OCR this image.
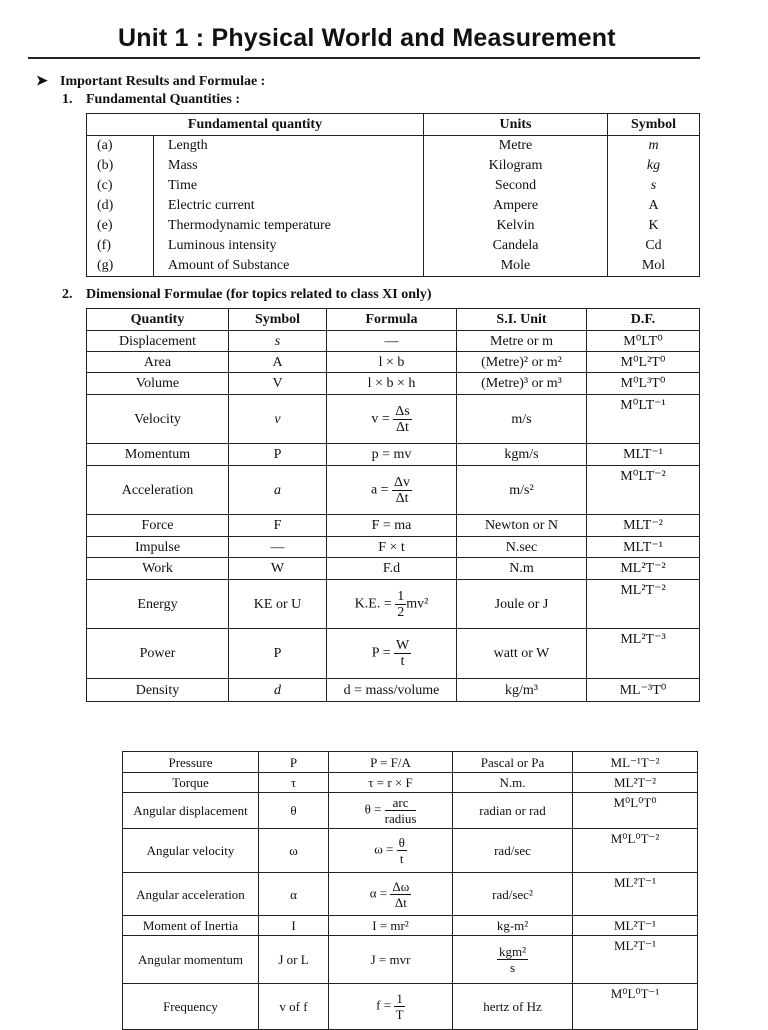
Unit 1 : Physical World and Measurement
➤ Important Results and Formulae :
1. Fundamental Quantities :
Fundamental quantity		Units	Symbol
(a)	Length	Metre	m
(b)	Mass	Kilogram	kg
(c)	Time	Second	s
(d)	Electric current	Ampere	A
(e)	Thermodynamic temperature	Kelvin	K
(f)	Luminous intensity	Candela	Cd
(g)	Amount of Substance	Mole	Mol
2. Dimensional Formulae (for topics related to class XI only)
Quantity	Symbol	Formula	S.I. Unit	D.F.
Displacement	s	—	Metre or m	M⁰LT⁰
Area	A	l × b	(Metre)² or m²	M⁰L²T⁰
Volume	V	l × b × h	(Metre)³ or m³	M⁰L³T⁰
Velocity	v	$v = \frac{\Delta s}{\Delta t}$	m/s	M⁰LT⁻¹
Momentum	P	p = mv	kgm/s	MLT⁻¹
Acceleration	a	$a = \frac{\Delta v}{\Delta t}$	m/s²	M⁰LT⁻²
Force	F	F = ma	Newton or N	MLT⁻²
Impulse	—	F × t	N.sec	MLT⁻¹
Work	W	F.d	N.m	ML²T⁻²
Energy	KE or U	K.E. = $\frac{1}{2} mv^2$	Joule or J	ML²T⁻²
Power	P	$P = \frac{W}{t}$	watt or W	ML²T⁻³
Density	d	d = mass/volume	kg/m³	ML⁻³T⁰
Pressure	P	P = F/A	Pascal or Pa	ML⁻¹T⁻²
Torque	τ	τ = r × F	N.m.	ML²T⁻²
Angular displacement	θ	$\theta = \frac{\text{arc}}{\text{radius}}$	radian or rad	M⁰L⁰T⁰
Angular velocity	ω	$\omega = \frac{\theta}{t}$	rad/sec	M⁰L⁰T⁻²
Angular acceleration	α	$\alpha = \frac{\Delta\omega}{\Delta t}$	rad/sec²	ML²T⁻¹
Moment of Inertia	I	I = mr²	kg-m²	ML²T⁻¹
Angular momentum	J or L	J = mvr	$\frac{\text{kgm²}}{s}$	ML²T⁻¹
Frequency	v of f	$f = \frac{1}{T}$	hertz of Hz	M⁰L⁰T⁻¹
